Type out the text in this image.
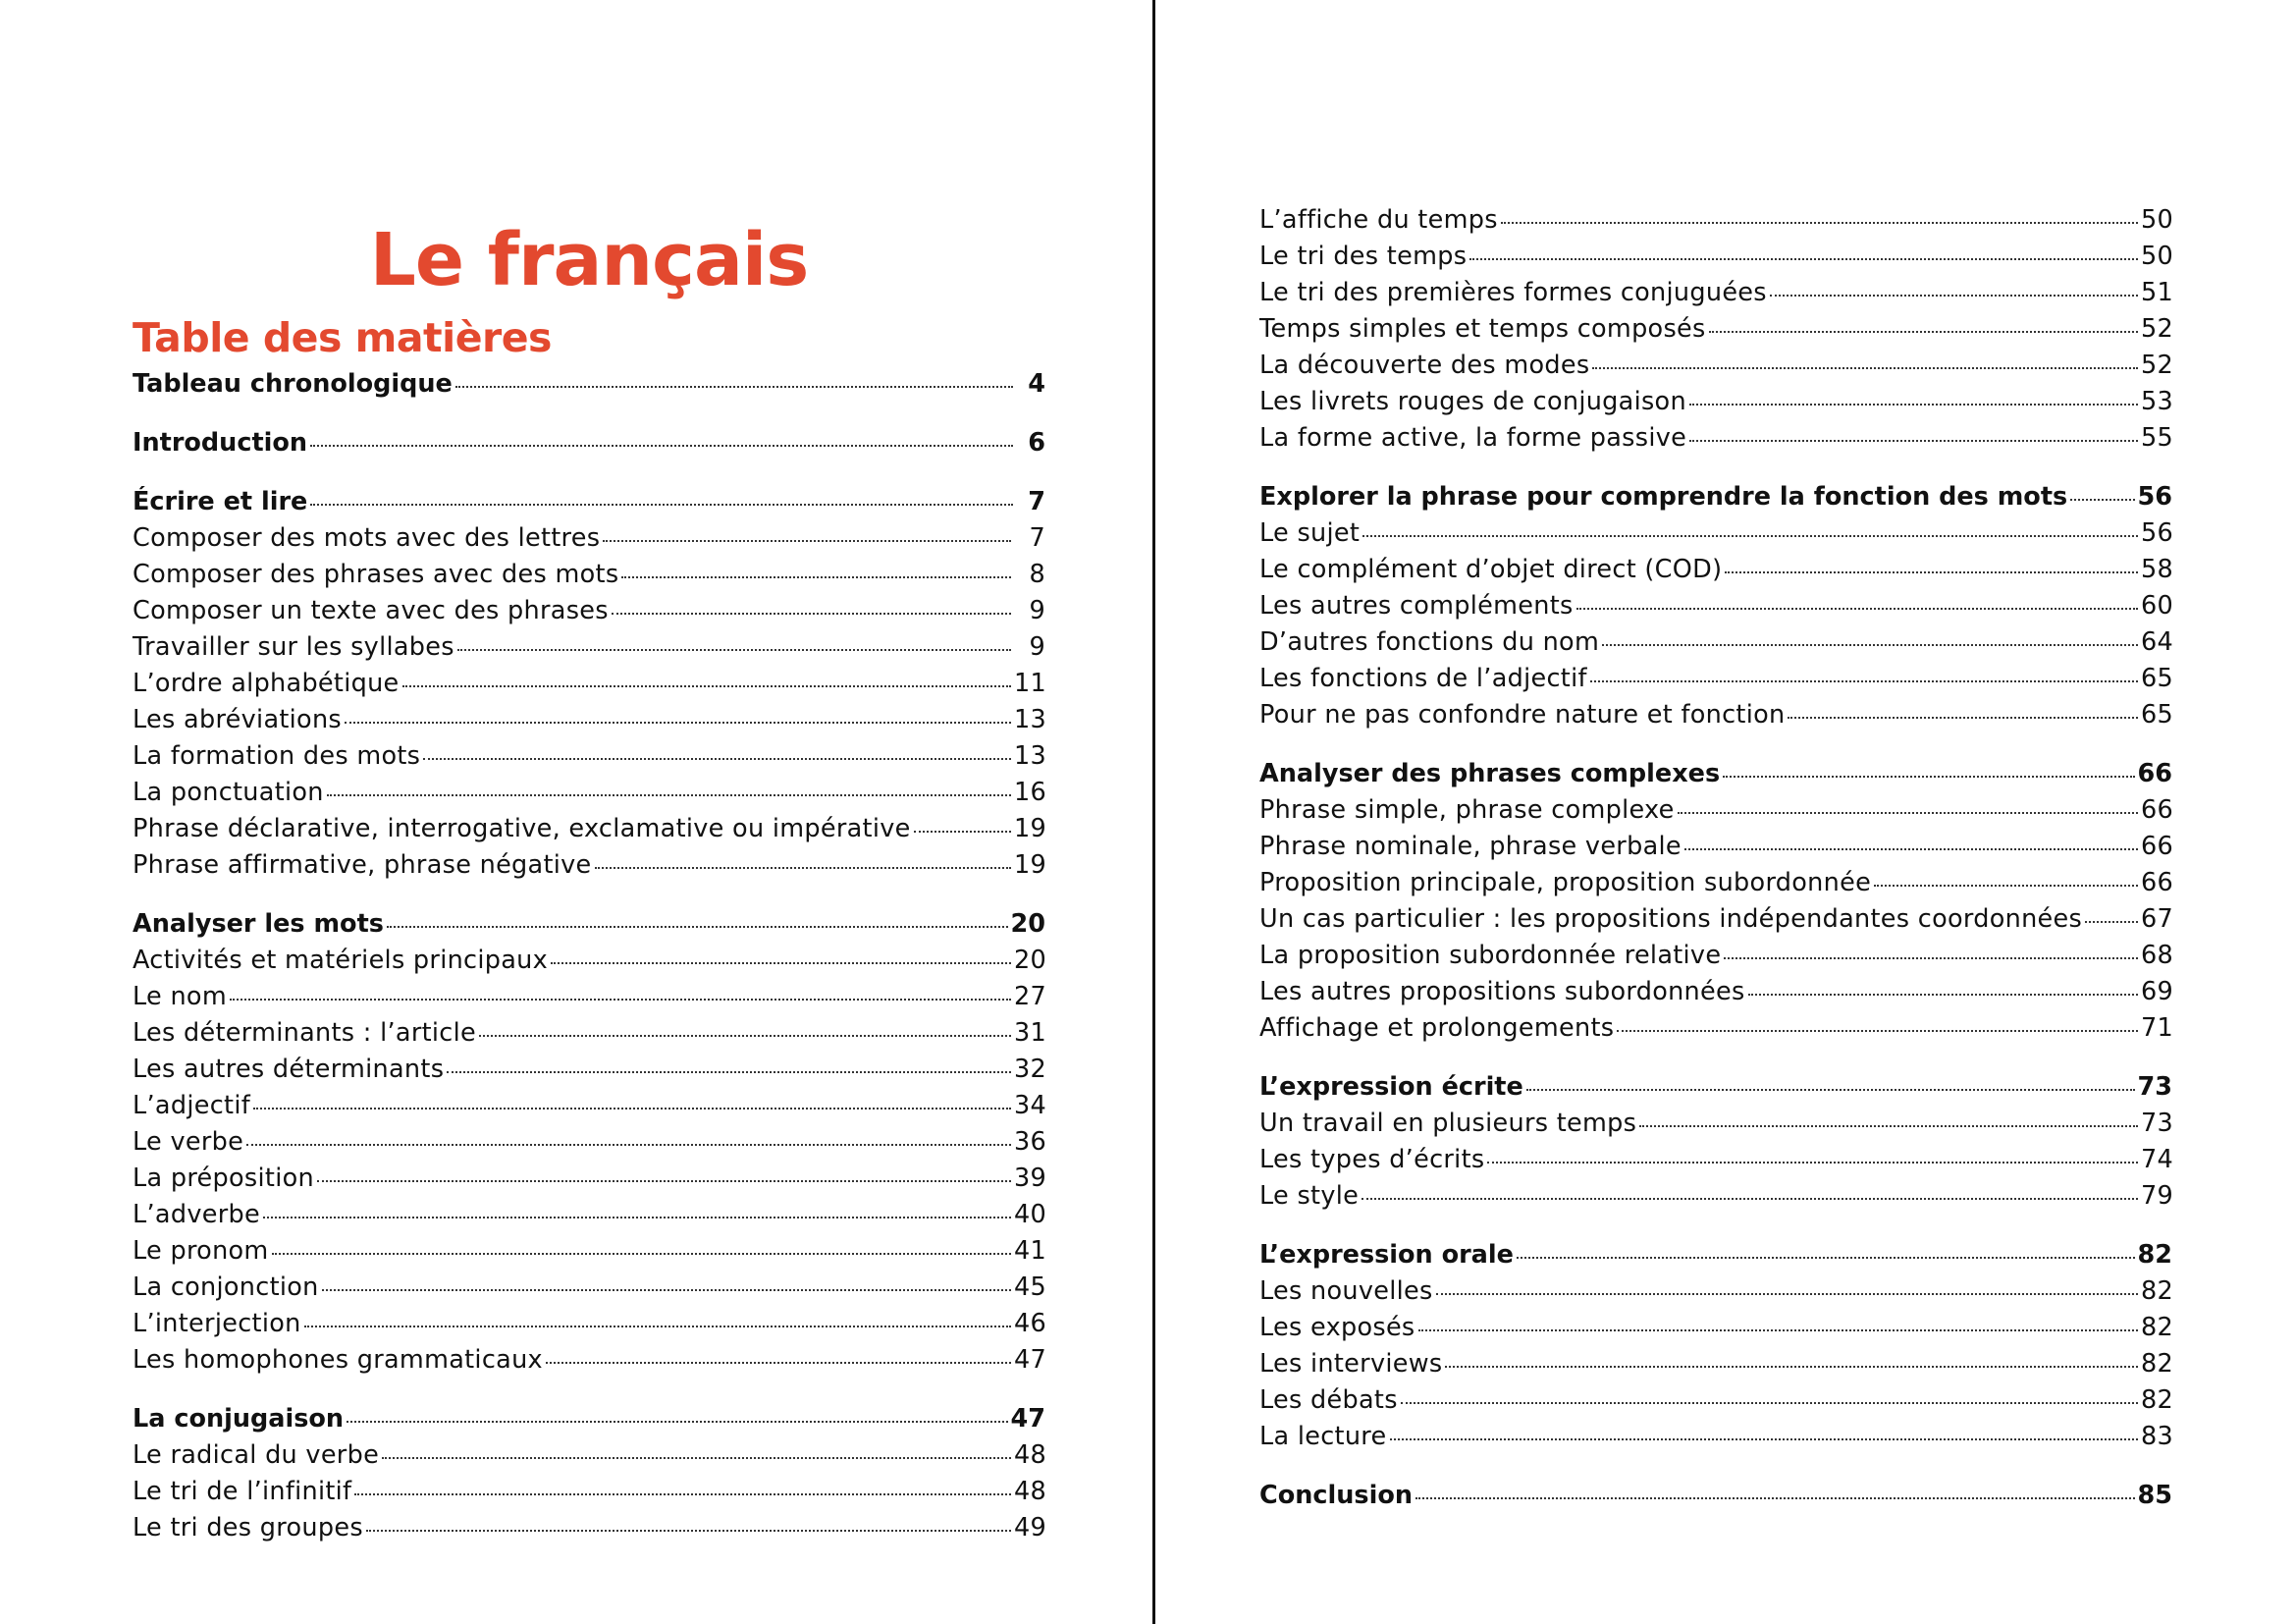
Le français
Table des matières
Tableau chronologique	4
Introduction	6
Écrire et lire	7
Composer des mots avec des lettres	7
Composer des phrases avec des mots	8
Composer un texte avec des phrases	9
Travailler sur les syllabes	9
L’ordre alphabétique	11
Les abréviations	13
La formation des mots	13
La ponctuation	16
Phrase déclarative, interrogative, exclamative ou impérative	19
Phrase affirmative, phrase négative	19
Analyser les mots	20
Activités et matériels principaux	20
Le nom	27
Les déterminants : l’article	31
Les autres déterminants	32
L’adjectif	34
Le verbe	36
La préposition	39
L’adverbe	40
Le pronom	41
La conjonction	45
L’interjection	46
Les homophones grammaticaux	47
La conjugaison	47
Le radical du verbe	48
Le tri de l’infinitif	48
Le tri des groupes	49
L’affiche du temps	50
Le tri des temps	50
Le tri des premières formes conjuguées	51
Temps simples et temps composés	52
La découverte des modes	52
Les livrets rouges de conjugaison	53
La forme active, la forme passive	55
Explorer la phrase pour comprendre la fonction des mots	56
Le sujet	56
Le complément d’objet direct (COD)	58
Les autres compléments	60
D’autres fonctions du nom	64
Les fonctions de l’adjectif	65
Pour ne pas confondre nature et fonction	65
Analyser des phrases complexes	66
Phrase simple, phrase complexe	66
Phrase nominale, phrase verbale	66
Proposition principale, proposition subordonnée	66
Un cas particulier : les propositions indépendantes coordonnées 67
La proposition subordonnée relative	68
Les autres propositions subordonnées	69
Affichage et prolongements	71
L’expression écrite	73
Un travail en plusieurs temps	73
Les types d’écrits	74
Le style	79
L’expression orale	82
Les nouvelles	82
Les exposés	82
Les interviews	82
Les débats	82
La lecture	83
Conclusion	85
